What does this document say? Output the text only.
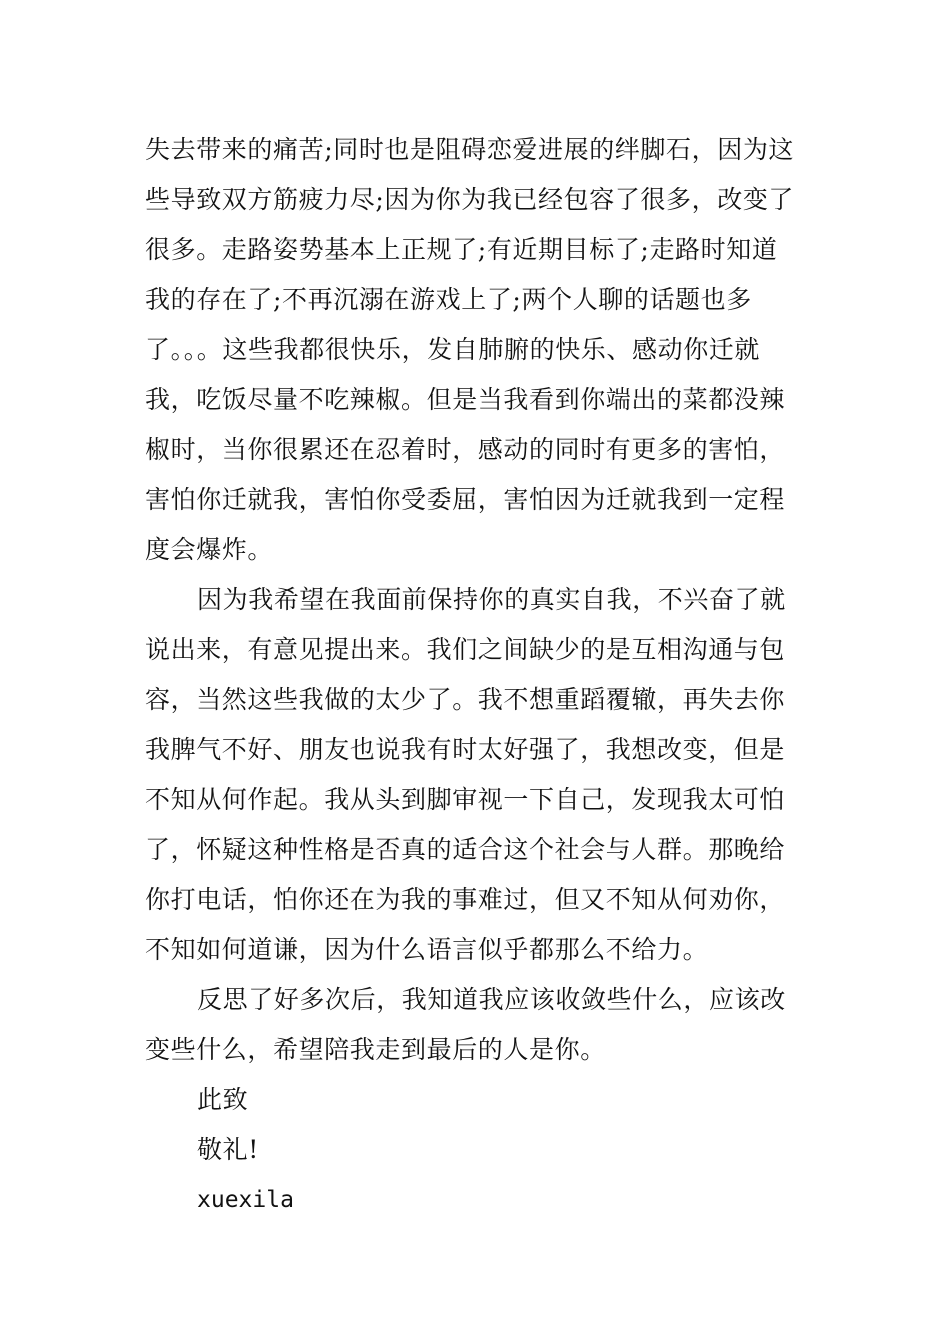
失去带来的痛苦;同时也是阻碍恋爱进展的绊脚石，因为这
些导致双方筋疲力尽;因为你为我已经包容了很多，改变了
很多。走路姿势基本上正规了;有近期目标了;走路时知道
我的存在了;不再沉溺在游戏上了;两个人聊的话题也多
了。。。这些我都很快乐，发自肺腑的快乐、感动你迁就
我，吃饭尽量不吃辣椒。但是当我看到你端出的菜都没辣
椒时，当你很累还在忍着时，感动的同时有更多的害怕，
害怕你迁就我，害怕你受委屈，害怕因为迁就我到一定程
度会爆炸。
因为我希望在我面前保持你的真实自我，不兴奋了就
说出来，有意见提出来。我们之间缺少的是互相沟通与包
容，当然这些我做的太少了。我不想重蹈覆辙，再失去你
我脾气不好、朋友也说我有时太好强了，我想改变，但是
不知从何作起。我从头到脚审视一下自己，发现我太可怕
了，怀疑这种性格是否真的适合这个社会与人群。那晚给
你打电话，怕你还在为我的事难过，但又不知从何劝你，
不知如何道谦，因为什么语言似乎都那么不给力。
反思了好多次后，我知道我应该收敛些什么，应该改
变些什么，希望陪我走到最后的人是你。
此致
敬礼!
xuexila
